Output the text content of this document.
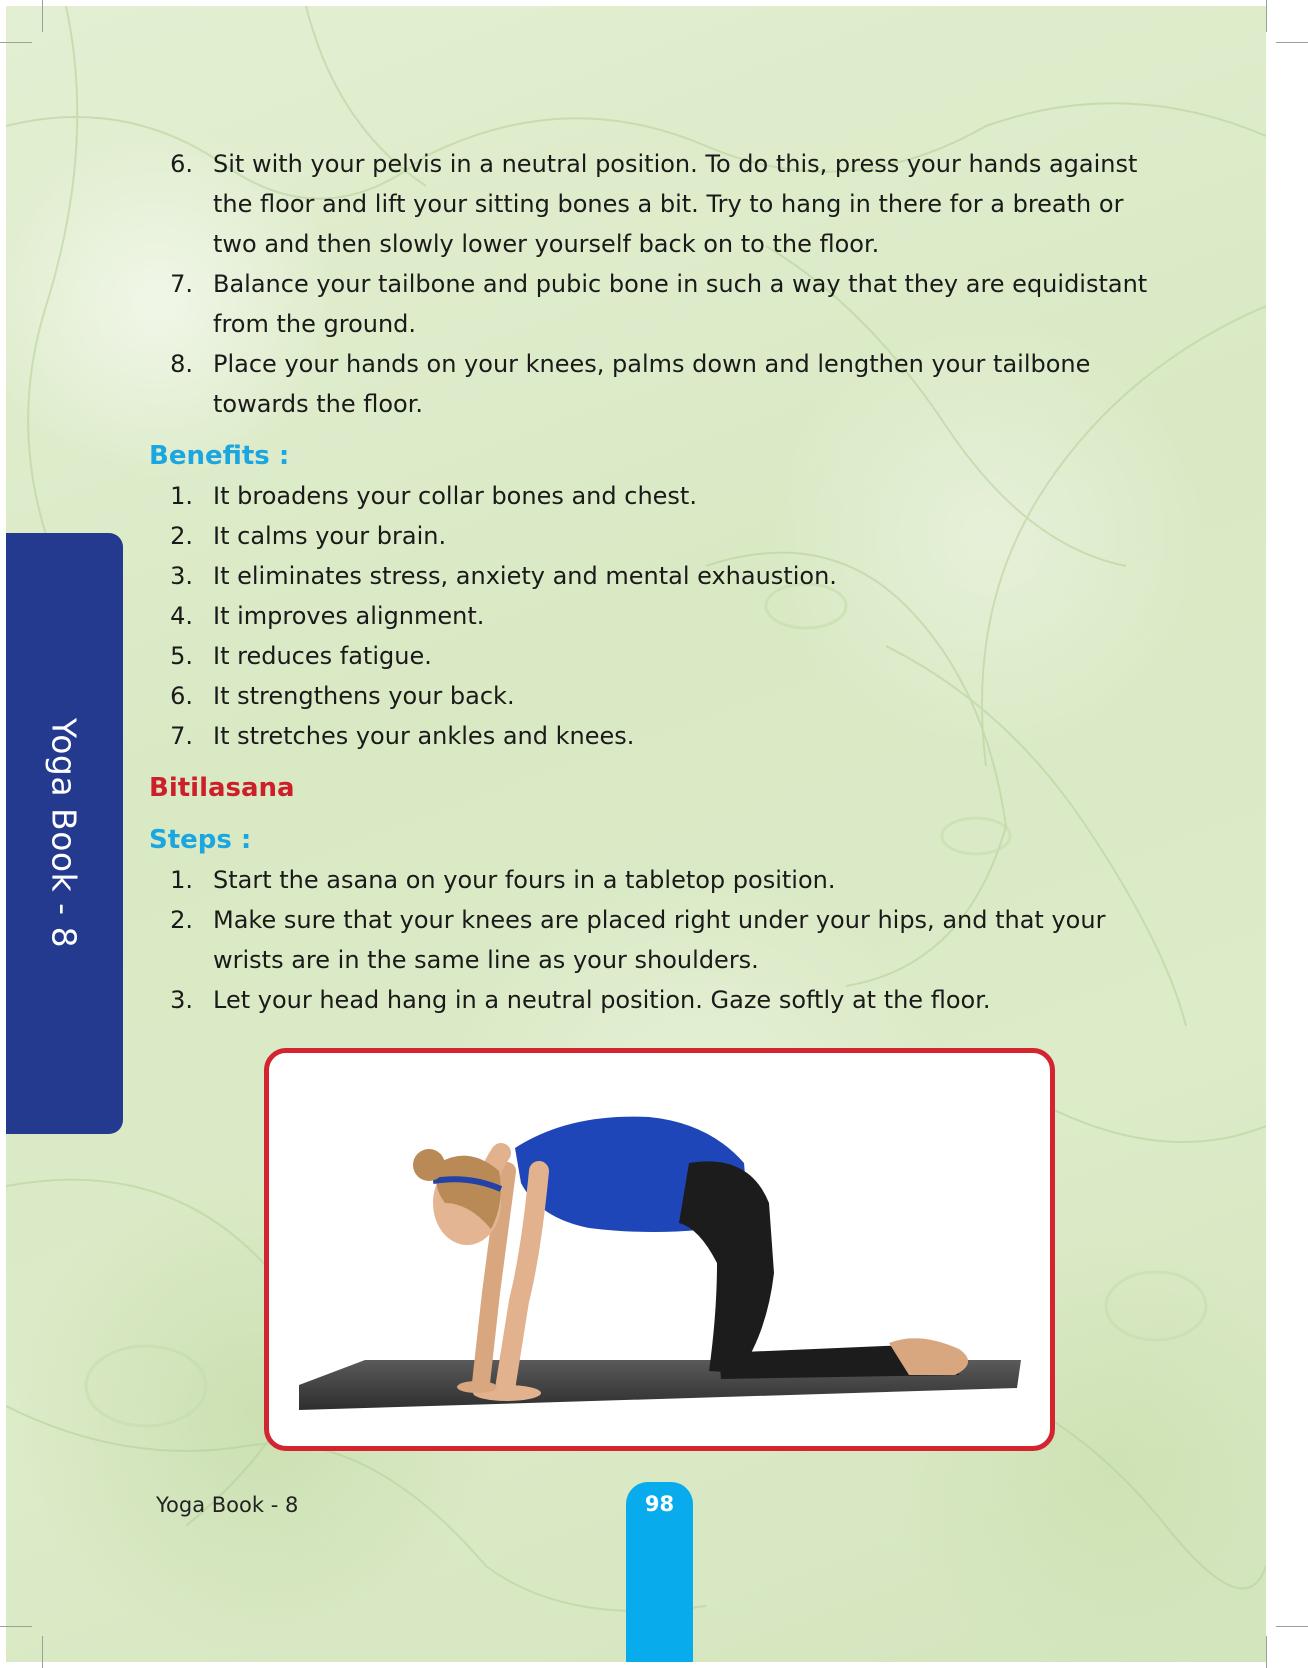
Yoga Book - 8
6. Sit with your pelvis in a neutral position. To do this, press your hands against the floor and lift your sitting bones a bit. Try to hang in there for a breath or two and then slowly lower yourself back on to the floor.
7. Balance your tailbone and pubic bone in such a way that they are equidistant from the ground.
8. Place your hands on your knees, palms down and lengthen your tailbone towards the floor.
Benefits :
1. It broadens your collar bones and chest.
2. It calms your brain.
3. It eliminates stress, anxiety and mental exhaustion.
4. It improves alignment.
5. It reduces fatigue.
6. It strengthens your back.
7. It stretches your ankles and knees.
Bitilasana
Steps :
1. Start the asana on your fours in a tabletop position.
2. Make sure that your knees are placed right under your hips, and that your wrists are in the same line as your shoulders.
3. Let your head hang in a neutral position. Gaze softly at the floor.
Yoga Book - 8	98
